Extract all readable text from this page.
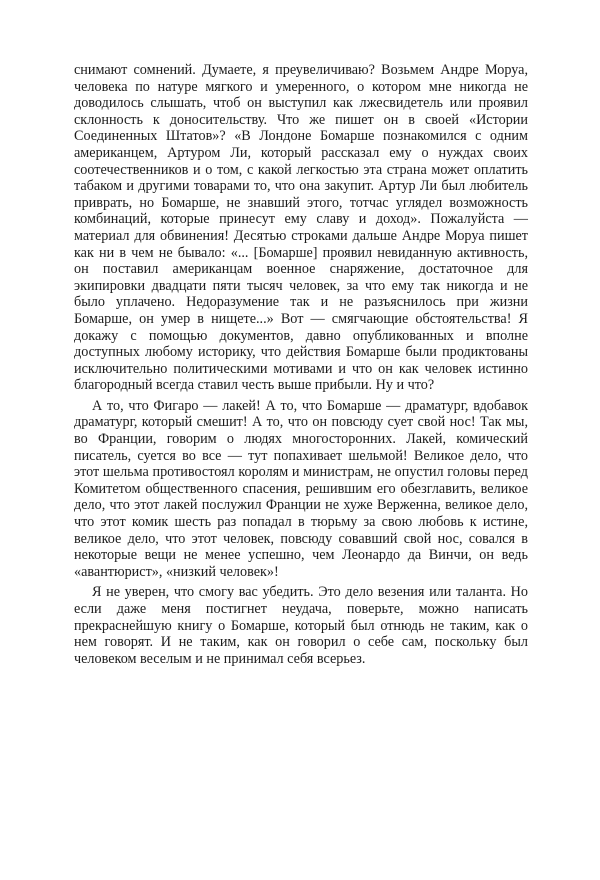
снимают сомнений. Думаете, я преувеличиваю? Возьмем Андре Моруа, человека по натуре мягкого и умеренного, о котором мне никогда не доводилось слышать, чтоб он выступил как лжесвидетель или проявил склонность к доносительству. Что же пишет он в своей «Истории Соединенных Штатов»? «В Лондоне Бомарше познакомился с одним американцем, Артуром Ли, который рассказал ему о нуждах своих соотечественников и о том, с какой легкостью эта страна может оплатить табаком и другими товарами то, что она закупит. Артур Ли был любитель приврать, но Бомарше, не знавший этого, тотчас углядел возможность комбинаций, которые принесут ему славу и доход». Пожалуйста — материал для обвинения! Десятью строками дальше Андре Моруа пишет как ни в чем не бывало: «... [Бомарше] проявил невиданную активность, он поставил американцам военное снаряжение, достаточное для экипировки двадцати пяти тысяч человек, за что ему так никогда и не было уплачено. Недоразумение так и не разъяснилось при жизни Бомарше, он умер в нищете...» Вот — смягчающие обстоятельства! Я докажу с помощью документов, давно опубликованных и вполне доступных любому историку, что действия Бомарше были продиктованы исключительно политическими мотивами и что он как человек истинно благородный всегда ставил честь выше прибыли. Ну и что?

А то, что Фигаро — лакей! А то, что Бомарше — драматург, вдобавок драматург, который смешит! А то, что он повсюду сует свой нос! Так мы, во Франции, говорим о людях многосторонних. Лакей, комический писатель, суется во все — тут попахивает шельмой! Великое дело, что этот шельма противостоял королям и министрам, не опустил головы перед Комитетом общественного спасения, решившим его обезглавить, великое дело, что этот лакей послужил Франции не хуже Верженна, великое дело, что этот комик шесть раз попадал в тюрьму за свою любовь к истине, великое дело, что этот человек, повсюду совавший свой нос, совался в некоторые вещи не менее успешно, чем Леонардо да Винчи, он ведь «авантюрист», «низкий человек»!

Я не уверен, что смогу вас убедить. Это дело везения или таланта. Но если даже меня постигнет неудача, поверьте, можно написать прекраснейшую книгу о Бомарше, который был отнюдь не таким, как о нем говорят. И не таким, как он говорил о себе сам, поскольку был человеком веселым и не принимал себя всерьез.
